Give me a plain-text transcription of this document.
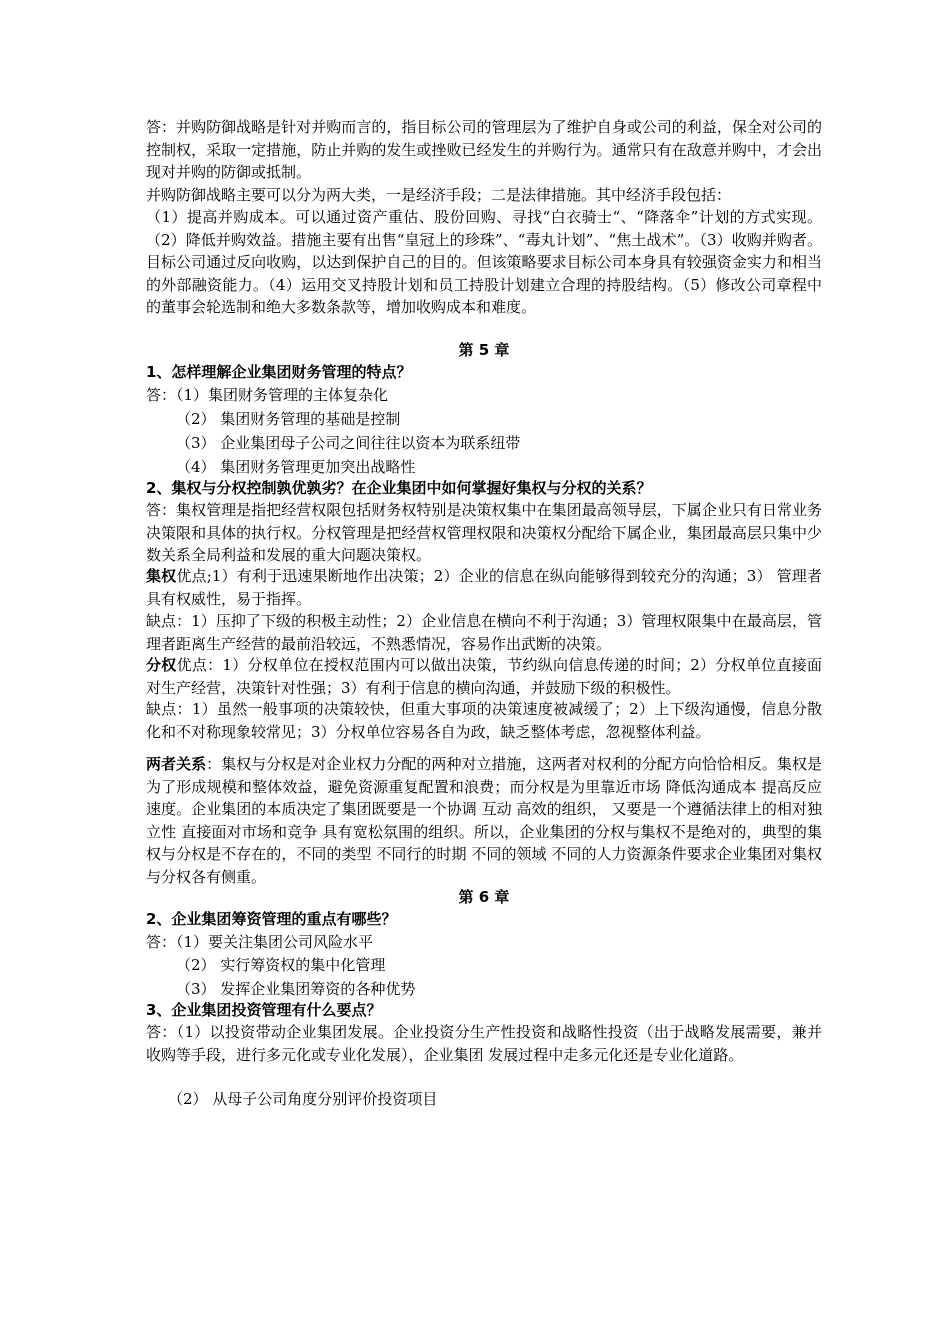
答：并购防御战略是针对并购而言的，指目标公司的管理层为了维护自身或公司的利益，保全对公司的控制权，采取一定措施，防止并购的发生或挫败已经发生的并购行为。通常只有在敌意并购中，才会出现对并购的防御或抵制。

并购防御战略主要可以分为两大类，一是经济手段；二是法律措施。其中经济手段包括：

（1）提高并购成本。可以通过资产重估、股份回购、寻找“白衣骑士“、“降落伞”计划的方式实现。（2）降低并购效益。措施主要有出售“皇冠上的珍珠”、“毒丸计划”、“焦土战术”。（3）收购并购者。目标公司通过反向收购，以达到保护自己的目的。但该策略要求目标公司本身具有较强资金实力和相当的外部融资能力。（4）运用交叉持股计划和员工持股计划建立合理的持股结构。（5）修改公司章程中的董事会轮选制和绝大多数条款等，增加收购成本和难度。

第 5 章

1、怎样理解企业集团财务管理的特点？

答：（1）集团财务管理的主体复杂化

（2） 集团财务管理的基础是控制

（3） 企业集团母子公司之间往往以资本为联系纽带

（4） 集团财务管理更加突出战略性

2、集权与分权控制孰优孰劣？在企业集团中如何掌握好集权与分权的关系？

答：集权管理是指把经营权限包括财务权特别是决策权集中在集团最高领导层，下属企业只有日常业务决策限和具体的执行权。分权管理是把经营权管理权限和决策权分配给下属企业，集团最高层只集中少数关系全局利益和发展的重大问题决策权。

集权优点;1）有利于迅速果断地作出决策；2）企业的信息在纵向能够得到较充分的沟通；3） 管理者具有权威性，易于指挥。

缺点：1）压抑了下级的积极主动性；2）企业信息在横向不利于沟通；3）管理权限集中在最高层，管理者距离生产经营的最前沿较远，不熟悉情况，容易作出武断的决策。

分权优点：1）分权单位在授权范围内可以做出决策，节约纵向信息传递的时间；2）分权单位直接面对生产经营，决策针对性强；3）有利于信息的横向沟通，并鼓励下级的积极性。

缺点：1）虽然一般事项的决策较快，但重大事项的决策速度被减缓了；2）上下级沟通慢，信息分散化和不对称现象较常见；3）分权单位容易各自为政，缺乏整体考虑，忽视整体利益。

两者关系：集权与分权是对企业权力分配的两种对立措施，这两者对权利的分配方向恰恰相反。集权是为了形成规模和整体效益，避免资源重复配置和浪费；而分权是为里靠近市场 降低沟通成本 提高反应速度。企业集团的本质决定了集团既要是一个协调 互动 高效的组织， 又要是一个遵循法律上的相对独立性 直接面对市场和竞争 具有宽松氛围的组织。所以，企业集团的分权与集权不是绝对的，典型的集权与分权是不存在的，不同的类型 不同行的时期 不同的领域 不同的人力资源条件要求企业集团对集权与分权各有侧重。

第 6 章

2、企业集团筹资管理的重点有哪些？

答：（1）要关注集团公司风险水平

（2） 实行筹资权的集中化管理

（3） 发挥企业集团筹资的各种优势

3、企业集团投资管理有什么要点？

答：（1）以投资带动企业集团发展。企业投资分生产性投资和战略性投资（出于战略发展需要，兼并收购等手段，进行多元化或专业化发展），企业集团 发展过程中走多元化还是专业化道路。

（2） 从母子公司角度分别评价投资项目
